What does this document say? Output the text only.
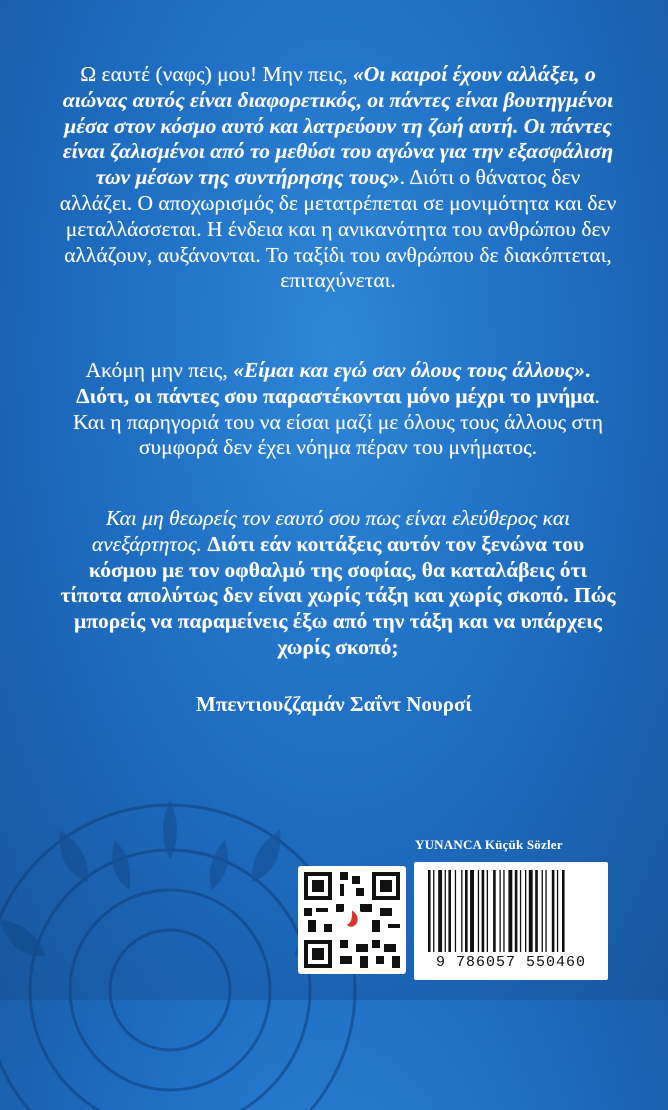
Ω εαυτέ (ναφς) μου! Μην πεις, «Οι καιροί έχουν αλλάξει, ο αιώνας αυτός είναι διαφορετικός, οι πάντες είναι βουτηγμένοι μέσα στον κόσμο αυτό και λατρεύουν τη ζωή αυτή. Οι πάντες είναι ζαλισμένοι από το μεθύσι του αγώνα για την εξασφάλιση των μέσων της συντήρησης τους». Διότι ο θάνατος δεν αλλάζει. Ο αποχωρισμός δε μετατρέπεται σε μονιμότητα και δεν μεταλλάσσεται. Η ένδεια και η ανικανότητα του ανθρώπου δεν αλλάζουν, αυξάνονται. Το ταξίδι του ανθρώπου δε διακόπτεται, επιταχύνεται.

Ακόμη μην πεις, «Είμαι και εγώ σαν όλους τους άλλους». Διότι, οι πάντες σου παραστέκονται μόνο μέχρι το μνήμα. Και η παρηγοριά του να είσαι μαζί με όλους τους άλλους στη συμφορά δεν έχει νόημα πέραν του μνήματος.

Και μη θεωρείς τον εαυτό σου πως είναι ελεύθερος και ανεξάρτητος. Διότι εάν κοιτάξεις αυτόν τον ξενώνα του κόσμου με τον οφθαλμό της σοφίας, θα καταλάβεις ότι τίποτα απολύτως δεν είναι χωρίς τάξη και χωρίς σκοπό. Πώς μπορείς να παραμείνεις έξω από την τάξη και να υπάρχεις χωρίς σκοπό;

Μπεντιουζζαμάν Σαΐντ Νουρσί
YUNANCA Küçük Sözler
9 786057 550460
